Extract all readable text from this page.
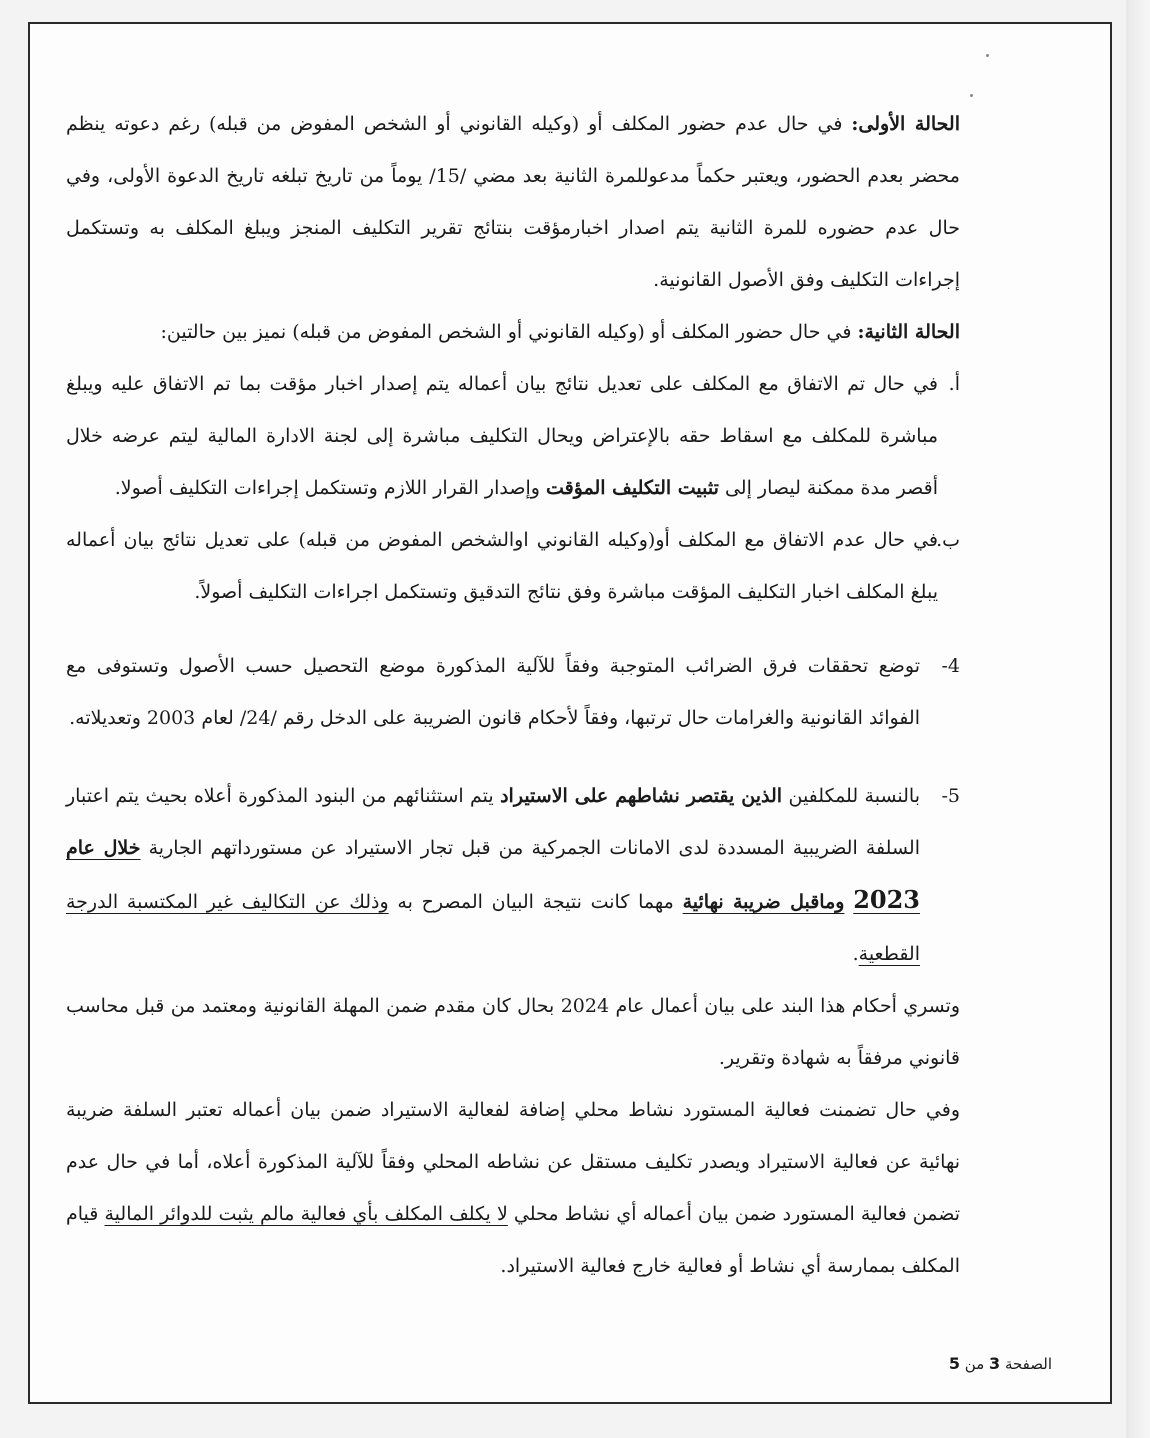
الحالة الأولى: في حال عدم حضور المكلف أو (وكيله القانوني أو الشخص المفوض من قبله) رغم دعوته ينظم محضر بعدم الحضور، ويعتبر حكماً مدعوللمرة الثانية بعد مضي /15/ يوماً من تاريخ تبلغه تاريخ الدعوة الأولى، وفي حال عدم حضوره للمرة الثانية يتم اصدار اخبارمؤقت بنتائج تقرير التكليف المنجز ويبلغ المكلف به وتستكمل إجراءات التكليف وفق الأصول القانونية.

الحالة الثانية: في حال حضور المكلف أو (وكيله القانوني أو الشخص المفوض من قبله) نميز بين حالتين:

أ.
في حال تم الاتفاق مع المكلف على تعديل نتائج بيان أعماله يتم إصدار اخبار مؤقت بما تم الاتفاق عليه ويبلغ مباشرة للمكلف مع اسقاط حقه بالإعتراض ويحال التكليف مباشرة إلى لجنة الادارة المالية ليتم عرضه خلال أقصر مدة ممكنة ليصار إلى تثبيت التكليف المؤقت وإصدار القرار اللازم وتستكمل إجراءات التكليف أصولا.

ب.
في حال عدم الاتفاق مع المكلف أو(وكيله القانوني اوالشخص المفوض من قبله) على تعديل نتائج بيان أعماله يبلغ المكلف اخبار التكليف المؤقت مباشرة وفق نتائج التدقيق وتستكمل اجراءات التكليف أصولاً.

4-
توضع تحققات فرق الضرائب المتوجبة وفقاً للآلية المذكورة موضع التحصيل حسب الأصول وتستوفى مع الفوائد القانونية والغرامات حال ترتبها، وفقاً لأحكام قانون الضريبة على الدخل رقم /24/ لعام 2003 وتعديلاته.

5-
بالنسبة للمكلفين الذين يقتصر نشاطهم على الاستيراد يتم استثنائهم من البنود المذكورة أعلاه بحيث يتم اعتبار السلفة الضريبية المسددة لدى الامانات الجمركية من قبل تجار الاستيراد عن مستورداتهم الجارية خلال عام 2023 وماقبل ضريبة نهائية مهما كانت نتيجة البيان المصرح به وذلك عن التكاليف غير المكتسبة الدرجة القطعية.

وتسري أحكام هذا البند على بيان أعمال عام 2024 بحال كان مقدم ضمن المهلة القانونية ومعتمد من قبل محاسب قانوني مرفقاً به شهادة وتقرير.

وفي حال تضمنت فعالية المستورد نشاط محلي إضافة لفعالية الاستيراد ضمن بيان أعماله تعتبر السلفة ضريبة نهائية عن فعالية الاستيراد ويصدر تكليف مستقل عن نشاطه المحلي وفقاً للآلية المذكورة أعلاه، أما في حال عدم تضمن فعالية المستورد ضمن بيان أعماله أي نشاط محلي لا يكلف المكلف بأي فعالية مالم يثبت للدوائر المالية قيام المكلف بممارسة أي نشاط أو فعالية خارج فعالية الاستيراد.

الصفحة 3 من 5
